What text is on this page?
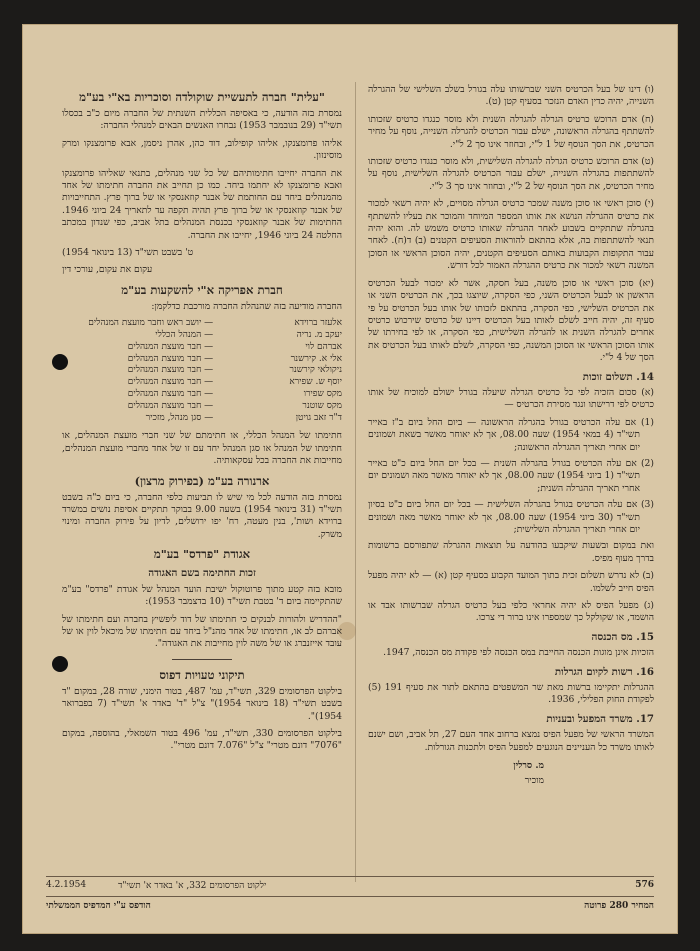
(ו) דינו של בעל הכרטיס השני שברשותו עלה בגורל בשלב השלישי של ההגרלה השנייה, יהיה כדין האדם הנזכר בסעיף קטן (ט).

(ח) אדם הרוכש כרטיס הגרלה להגרלה השנית ולא מוסר כנגדו כרטיס שזכותו להשתתף בהגרלה הראשונה, ישלם עבור הכרטיס להגרלה השנייה, נוסף על מחיר הכרטיס, את הסך הנוסף של 1 ל"י, ובחוזר אינו סך 2 ל"י.

(ט) אדם הרוכש כרטיס הגרלה להגרלה השלישית, ולא מוסר כנגדו כרטיס שזכותו להשתתפות בהגרלה השנייה, ישלם עבור הכרטיס להגרלה השלישית, נוסף על מחיר הכרטיס, את הסך הנוסף של 2 ל"י, ובחוזר אינו סך 3 ל"י.

(י) סוכן ראשי או סוכן משנה שמכר כרטיס הגרלה מסויים, לא יהיה רשאי למכור את כרטיס ההגרלה הנושא את אותו המספר המיוחד והמוכר את בעליו להשתתף בהגרלה שתתקיים בשבוע לאחר ההגרלה שאותו כרטיס משמש לה. והוא יהיה תנאי להשתתפות בה, אלא בהתאם להוראות הסעיפים הקטנים (ב) ד(ח). לאחר עבור התקופות הקבועות באותם הסעיפים הקטנים, יהיה הסוכן הראשי או הסוכן המשנה רשאי למכור את כרטיס ההגרלה האמור לכל דורש.

(יא) סוכן ראשי או סוכן משנה, בעל חסקה, אשר לא ימכור לבעל הכרטיס הראשון או לבעל הכרטיס השני, כפי הסקרה, שיוצגו בכך, את הכרטיס השני או את הכרטיס השלישי, כפי הסקרה, בהתאם לזכותו של אותו בעל הכרטיס על פי סעיף זה, יהיה חייב לשלם לאותו בעל הכרטיס דיינו של כרטיס שירכוש כרטיס אחרים להגרלה השנית או להגרלה השלישית, כפי הסקרה, או לפי בחירתו של אותו הסוכן הראשי או הסוכן המשנה, כפי הסקרה, לשלם לאותו בעל הכרטיס את הסך של 4 ל"י.

14. תשלום זוכות

(א) סכום הזכיה לפי כל כרטיס הגרלה שיעלה בגורל ישולם למוכיח של אותו כרטיס לפי דרישתו ונגד מסירת הכרטיס —

(1) אם עלה הכרטיס בגורל בהגרלה הראשונה — ביום החל ביום ב"ז באייר תשי"ד (4 במאי 1954) שעה 08.00, אך לא יאוחר מאשר בשאת ושמונים יום אחרי תאריך ההגרלה הראשונה;

(2) אם עלה הכרטיס בגורל בהגרלה השנית — בכל יום החל ביום כ"ט באייר תשי"ד (1 ביוני 1954) שעה 08.00, אך לא יאוחר מאשר מאה ושמונים יום אחרי תאריך ההגרלה השנית;

(3) אם עלה הכרטיס בגורל בהגרלה השלישית — בכל יום החל ביום כ"ט בסיון תשי"ד (30 ביוני 1954) שעה 08.00, אך לא יאוחר מאשר מאה ושמונים יום אחרי תאריך ההגרלה השלישית;

ואת במקום ובשעות שיקבעו בהודעה על תוצאות ההגרלה שתפורסם ברשומות בדרך מעוף מפיס.

(ב) לא נדרש תשלום זכית בתוך המועד הקבוע בסעיף קטן (א) — לא יהיה מפעל הפיס חייב לשלמו.

(ג) מפעל הפיס לא יהיה אחראי כלפי בעל כרטיס הגרלה שברשותו אבד או הושמד, או שקולקל כך שמספרו אינו ברור די צרכו.

15. מס הכנסה

הזכיות אינן מוגות הכנסה החייבת במס הכנסה לפי פקודת מס הכנסה, 1947.

16. רשות לקיום הגרלות

ההגרלות יתקיימו ברשות מאת שר המשפטים בהתאם לתור את סעיף 191 (5) לפקודת החוק הפלילי, 1936.

17. משרד המפעל ובעניות

המשרד הראשי של מפעל הפיס נמצא ברחוב אחד העם 27, תל אביב, ושם ישנם לאותו משרד כל העניינים הנוגעים למפעל הפיס ולתכנות הגורלות.

מ. סרלין
מוכיר
"עלית" חברה לתעשיית שוקולדה וסוכריות בא"י בע"מ

נמסרת בזה הודעה, כי באסיפה הכללית השנתית של החברה מיום כ"ב בכסלו תשי"ד (29 בנובמבר 1953) נבחרו האנשים הבאים למנהלי החברה:

אליהו פרומצנקו, אליהו קופילוב, דוד כהן, אהרן ניסמן, אבא פרומצנקו ומרק מוסינזון.

את החברה יחייבו חתימותיהם של כל שני מנהלים, בתנאי שאליהו פרומצנקו ואבא פרומצנקו לא יחתמו ביחד. כמו כן תחייב את החברה חתימתו של אחד מהמנהלים ביחד עם החותמת של אבנר קוזאנסקי או של ברוך פרץ. התחייבויות של אבנר קוזאנסקי או של ברוך פרץ תהיה תקפה עד לתאריך 24 ביוני 1946. החתימות של אבנר קוזאנסקי בכנסת המנהלים בתל אביב, כפי שנדון במכתב החלטה 24 ביוני 1946, יחייבו את החברה.

ט' בשבט תשי"ד (13 בינואר 1954)

עקום את עקום, עורכי דין

חברת אפריקה א"י להשקעות בע"מ

החברה מודיעה בזה שהנהלת החברה מורכבת כדלקמן:

אלעזר ברוידא
— יושב ראש וחבר מועצת המנהלים
יעקב מ. נריה
— המנהל הכללי
אברהם לוי
— חבר מועצת המנהלים
אלי א. קירשנר
— חבר מועצת המנהלים
ניקולאי קירשנר
— חבר מועצת המנהלים
יוסף ש. שפירא
— חבר מועצת המנהלים
מקס שפירו
— חבר מועצת המנהלים
מקס שוטנר
— חבר מועצת המנהלים
ד"ר זאב גויטן
— סגן מנהל, מזכיר

חתימתו של המנהל הכללי, או חתימתם של שני חברי מועצת המנהלים, או חתימתו של המנהל או סגן המנהל יחד עם זו של אחד מחברי מועצת המנהלים, מחייבות את החברה בכל עסקאותיה.

ארנורה בע"מ (בפירוק מרצון)

נמסרת בזה הודעה לכל מי שיש לו תביעות כלפי החברה, כי ביום כ"ה בשבט תשי"ד (31 בינואר 1954) בשעה 9.00 בבוקר תתקיים אסיפת נושים במשרד ברוידא ושות', בנין מעטה, רח' יפו ירושלים, לדיון על פירוק החברה ומינוי משרק.

אגודת "פרדס" בע"מ
זכות החתימה בשם האגודה

מובא בזה קטע מתוך פרוטוקול ישיבת הועד המנהל של אגודת "פרדס" בע"מ שהתקיימה ביום ד' בטבת תשי"ד (10 בדצמבר 1953):

"ההדריש ולהורות לבנקים כי חתימתו של דוד ליפשיץ בחברה ועם חתימתו של אברהם לב או, חתימתו של אחד מהנ"ל ביחד עם חתימתו של מיכאל לוין או של עובד אייזנברג או של משה לוין מחייבות את האגודה".

תיקוני טעויות דפוס

בילקוט הפרסומים 329, תשי"ד, עמ' 487, בטור הימני, שורה 28, במקום "ד בשבט תשי"ד (18 בינואר 1954)" צ"ל "ד' באדר א' תשי"ד (7 בפברואר 1954)".

בילקוט הפרסומים 330, תשי"ד, עמ' 496 בטור השמאלי, בהוספה, במקום "7076" דונם מטרי" צ"ל "7.076 דונם מטרי".

4.2.1954	ילקוט הפרסומים 332, א' באדר א' תשי"ד	576
המחיר 280 פרוטה
הודפס ע"י המדפיס הממשלתי
